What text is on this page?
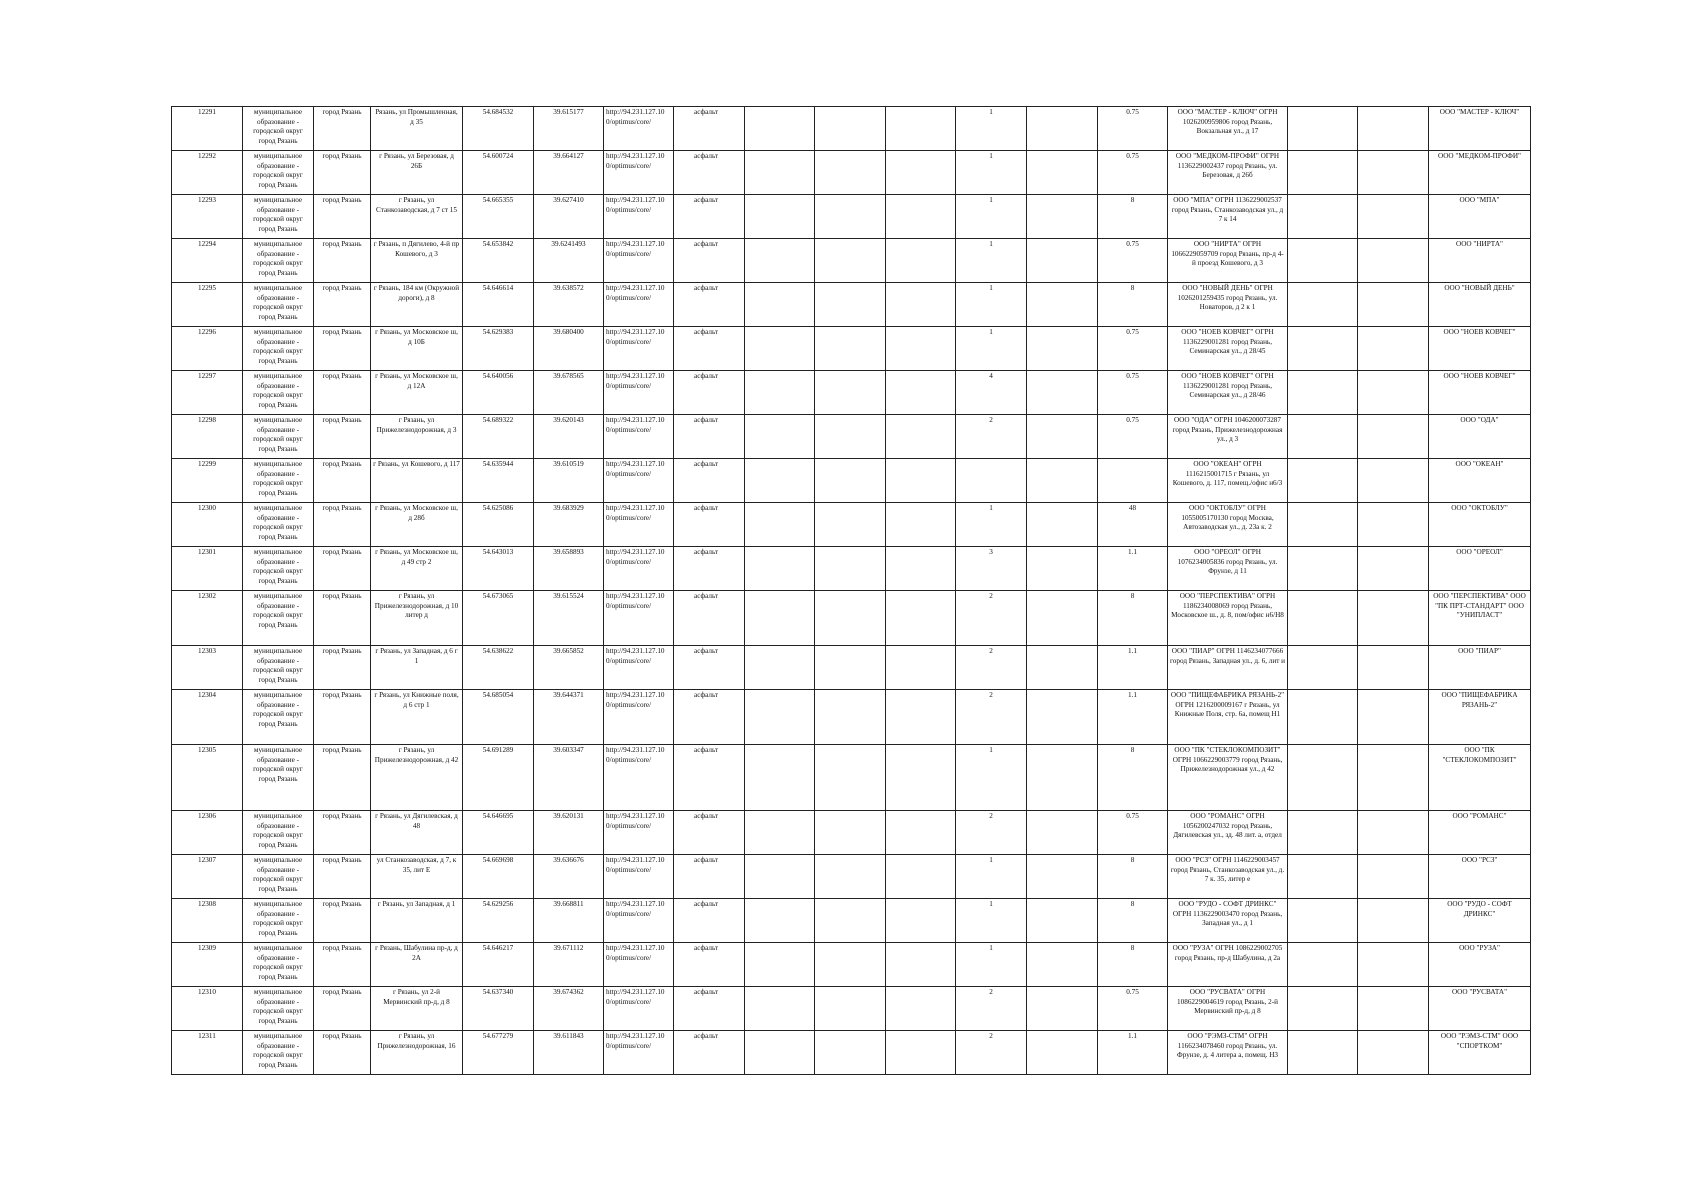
12291	муниципальное образование - городской округ город Рязань	город Рязань	Рязань, ул Промышленная, д 35	54.684532	39.615177	http://94.231.127.10 0/optimus/core/	асфальт				1		0.75	ООО "МАСТЕР - КЛЮЧ" ОГРН 1026200959806 город Рязань, Вокзальная ул., д 17			ООО "МАСТЕР - КЛЮЧ"
12292	муниципальное образование - городской округ город Рязань	город Рязань	г Рязань, ул Березовая, д 26Б	54.600724	39.664127	http://94.231.127.10 0/optimus/core/	асфальт				1		0.75	ООО "МЕДКОМ-ПРОФИ" ОГРН 1136229002437 город Рязань, ул. Березовая, д 26б			ООО "МЕДКОМ-ПРОФИ"
12293	муниципальное образование - городской округ город Рязань	город Рязань	г Рязань, ул Станкозаводская, д 7 ст 15	54.665355	39.627410	http://94.231.127.10 0/optimus/core/	асфальт				1		8	ООО "МПА" ОГРН 1136229002537 город Рязань, Станкозаводская ул., д 7 к 14			ООО "МПА"
12294	муниципальное образование - городской округ город Рязань	город Рязань	г Рязань, п Дягилево, 4-й пр Кошевого, д 3	54.653842	39.6241493	http://94.231.127.10 0/optimus/core/	асфальт				1		0.75	ООО "НИРТА" ОГРН 1066229059709 город Рязань, пр-д 4-й проезд Кошевого, д 3			ООО "НИРТА"
12295	муниципальное образование - городской округ город Рязань	город Рязань	г Рязань, 184 км (Окружной дороги), д 8	54.646614	39.638572	http://94.231.127.10 0/optimus/core/	асфальт				1		8	ООО "НОВЫЙ ДЕНЬ" ОГРН 1026201259435 город Рязань, ул. Новаторов, д 2 к 1			ООО "НОВЫЙ ДЕНЬ"
12296	муниципальное образование - городской округ город Рязань	город Рязань	г Рязань, ул Московское ш, д 10Б	54.629383	39.680400	http://94.231.127.10 0/optimus/core/	асфальт				1		0.75	ООО "НОЕВ КОВЧЕГ" ОГРН 1136229001281 город Рязань, Семинарская ул., д 28/45			ООО "НОЕВ КОВЧЕГ"
12297	муниципальное образование - городской округ город Рязань	город Рязань	г Рязань, ул Московское ш, д 12А	54.640056	39.678565	http://94.231.127.10 0/optimus/core/	асфальт				4		0.75	ООО "НОЕВ КОВЧЕГ" ОГРН 1136229001281 город Рязань, Семинарская ул., д 28/46			ООО "НОЕВ КОВЧЕГ"
12298	муниципальное образование - городской округ город Рязань	город Рязань	г Рязань, ул Прижелезнодорожная, д 3	54.689322	39.620143	http://94.231.127.10 0/optimus/core/	асфальт				2		0.75	ООО "ОДА" ОГРН 1046200073287 город Рязань, Прижелезнодорожная ул., д 3			ООО "ОДА"
12299	муниципальное образование - городской округ город Рязань	город Рязань	г Рязань, ул Кошевого, д 117	54.635944	39.610519	http://94.231.127.10 0/optimus/core/	асфальт							ООО "ОКЕАН" ОГРН 1116215001715 г Рязань, ул Кошевого, д. 117, помещ./офис н6/3			ООО "ОКЕАН"
12300	муниципальное образование - городской округ город Рязань	город Рязань	г Рязань, ул Московское ш, д 28б	54.625086	39.683929	http://94.231.127.10 0/optimus/core/	асфальт				1		48	ООО "ОКТОБЛУ" ОГРН 1055005170130 город Москва, Автозаводская ул., д. 23а к. 2			ООО "ОКТОБЛУ"
12301	муниципальное образование - городской округ город Рязань	город Рязань	г Рязань, ул Московское ш, д 49 стр 2	54.643013	39.658893	http://94.231.127.10 0/optimus/core/	асфальт				3		1.1	ООО "ОРЕОЛ" ОГРН 1076234005836 город Рязань, ул. Фрунзе, д 11			ООО "ОРЕОЛ"
12302	муниципальное образование - городской округ город Рязань	город Рязань	г Рязань, ул Прижелезнодорожная, д 10 литер д	54.673065	39.615524	http://94.231.127.10 0/optimus/core/	асфальт				2		8	ООО "ПЕРСПЕКТИВА" ОГРН 1186234008069 город Рязань, Московское ш., д. 8, пом/офис н6/Н8			ООО "ПЕРСПЕКТИВА" ООО "ПК ПРТ-СТАНДАРТ" ООО "УНИПЛАСТ"
12303	муниципальное образование - городской округ город Рязань	город Рязань	г Рязань, ул Западная, д 6 г 1	54.638622	39.665852	http://94.231.127.10 0/optimus/core/	асфальт				2		1.1	ООО "ПИАР" ОГРН 1146234077666 город Рязань, Западная ул., д. 6, лит и			ООО "ПИАР"
12304	муниципальное образование - городской округ город Рязань	город Рязань	г Рязань, ул Книжные поля, д 6 стр 1	54.685054	39.644371	http://94.231.127.10 0/optimus/core/	асфальт				2		1.1	ООО "ПИЩЕФАБРИКА РЯЗАНЬ-2" ОГРН 1216200009167 г Рязань, ул Книжные Поля, стр. 6а, помещ Н1			ООО "ПИЩЕФАБРИКА РЯЗАНЬ-2"
12305	муниципальное образование - городской округ город Рязань	город Рязань	г Рязань, ул Прижелезнодорожная, д 42	54.691289	39.603347	http://94.231.127.10 0/optimus/core/	асфальт				1		8	ООО "ПК "СТЕКЛОКОМПОЗИТ" ОГРН 1066229003779 город Рязань, Прижелезнодорожная ул., д 42			ООО "ПК "СТЕКЛОКОМПОЗИТ"
12306	муниципальное образование - городской округ город Рязань	город Рязань	г Рязань, ул Дягилевская, д 48	54.646695	39.620131	http://94.231.127.10 0/optimus/core/	асфальт				2		0.75	ООО "РОМАНС" ОГРН 1056200247032 город Рязань, Дягилевская ул., зд. 48 лит. а, отдел			ООО "РОМАНС"
12307	муниципальное образование - городской округ город Рязань	город Рязань	ул Станкозаводская, д 7, к 35, лит Е	54.669698	39.636676	http://94.231.127.10 0/optimus/core/	асфальт				1		8	ООО "РСЗ" ОГРН 1146229003457 город Рязань, Станкозаводская ул., д. 7 к. 35, литер е			ООО "РСЗ"
12308	муниципальное образование - городской округ город Рязань	город Рязань	г Рязань, ул Западная, д 1	54.629256	39.668811	http://94.231.127.10 0/optimus/core/	асфальт				1		8	ООО "РУДО - СОФТ ДРИНКС" ОГРН 1136229003470 город Рязань, Западная ул., д 1			ООО "РУДО - СОФТ ДРИНКС"
12309	муниципальное образование - городской округ город Рязань	город Рязань	г Рязань, Шабулина пр-д, д 2А	54.646217	39.671112	http://94.231.127.10 0/optimus/core/	асфальт				1		8	ООО "РУЗА" ОГРН 1086229002705 город Рязань, пр-д Шабулина, д 2а			ООО "РУЗА"
12310	муниципальное образование - городской округ город Рязань	город Рязань	г Рязань, ул 2-й Мервинский пр-д, д 8	54.637340	39.674362	http://94.231.127.10 0/optimus/core/	асфальт				2		0.75	ООО "РУСВАТА" ОГРН 1086229004619 город Рязань, 2-й Мервинский пр-д, д 8			ООО "РУСВАТА"
12311	муниципальное образование - городской округ город Рязань	город Рязань	г Рязань, ул Прижелезнодорожная, 16	54.677279	39.611843	http://94.231.127.10 0/optimus/core/	асфальт				2		1.1	ООО "РЭМЗ-СТМ" ОГРН 1166234078460 город Рязань, ул. Фрунзе, д. 4 литера а, помещ. Н3			ООО "РЭМЗ-СТМ" ООО "СПОРТКОМ"
